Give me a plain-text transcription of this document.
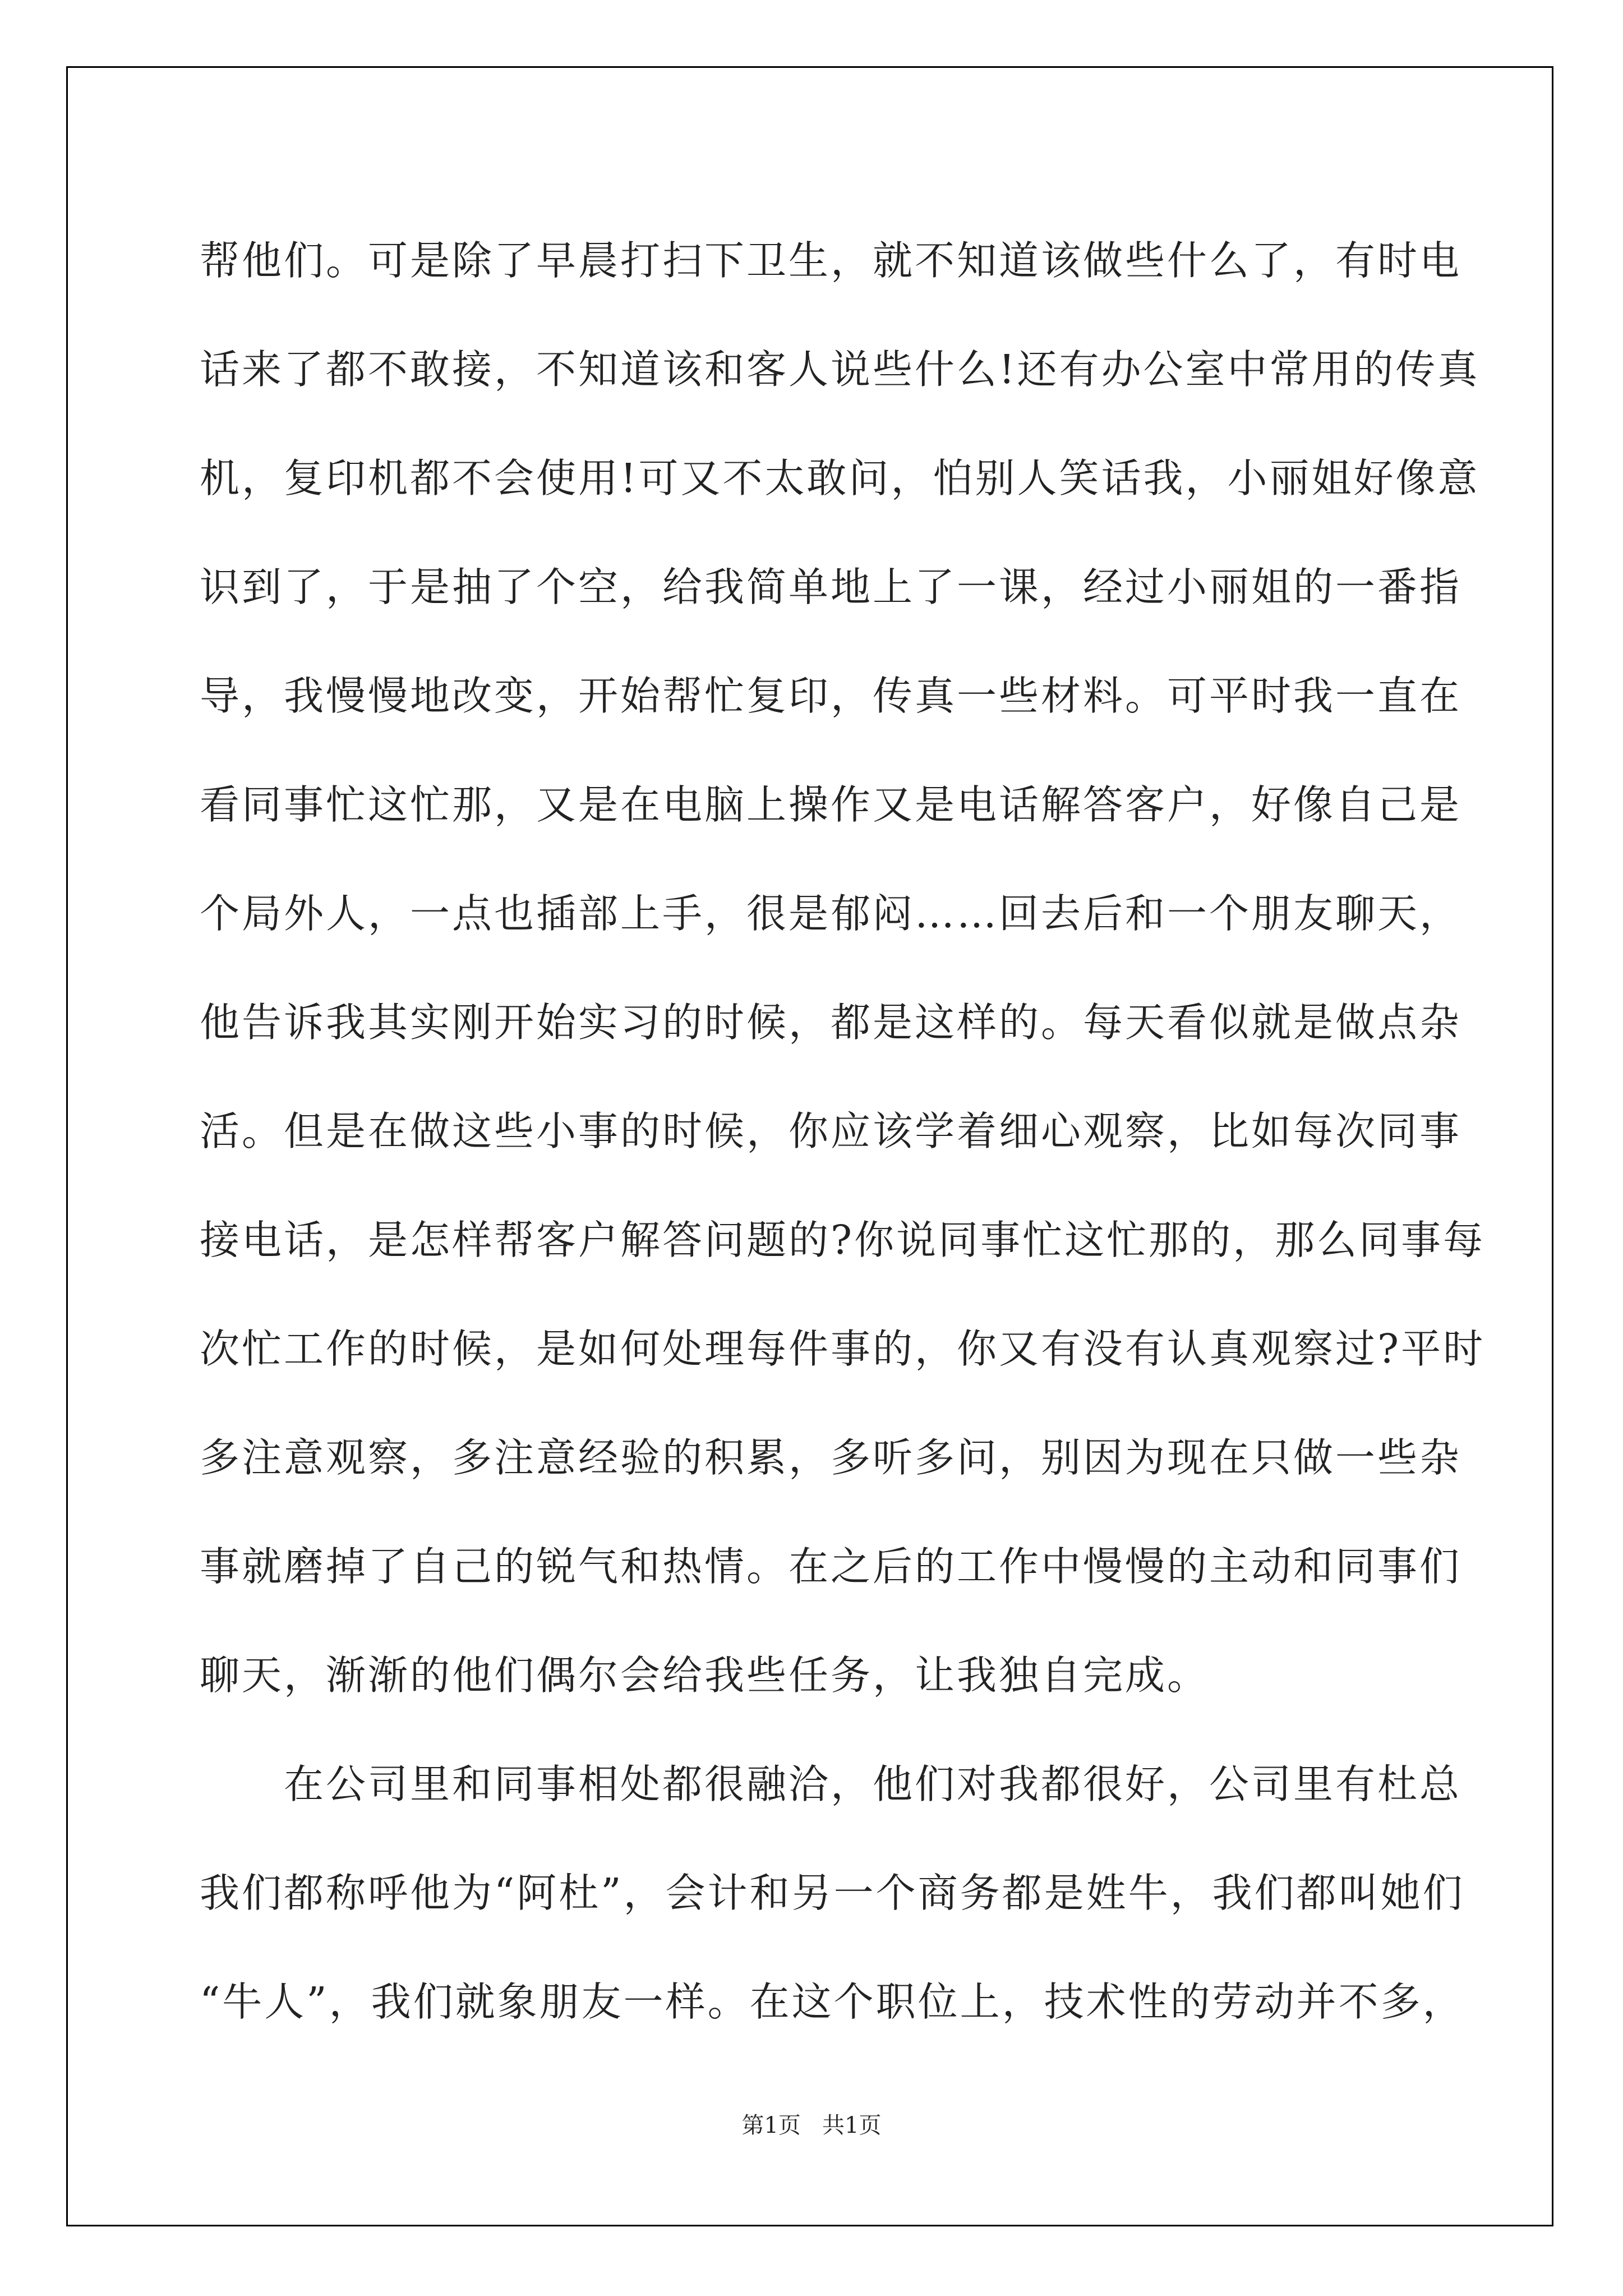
帮他们。可是除了早晨打扫下卫生，就不知道该做些什么了，有时电
话来了都不敢接，不知道该和客人说些什么!还有办公室中常用的传真
机，复印机都不会使用!可又不太敢问，怕别人笑话我，小丽姐好像意
识到了，于是抽了个空，给我简单地上了一课，经过小丽姐的一番指
导，我慢慢地改变，开始帮忙复印，传真一些材料。可平时我一直在
看同事忙这忙那，又是在电脑上操作又是电话解答客户，好像自己是
个局外人，一点也插部上手，很是郁闷……回去后和一个朋友聊天，
他告诉我其实刚开始实习的时候，都是这样的。每天看似就是做点杂
活。但是在做这些小事的时候，你应该学着细心观察，比如每次同事
接电话，是怎样帮客户解答问题的?你说同事忙这忙那的，那么同事每
次忙工作的时候，是如何处理每件事的，你又有没有认真观察过?平时
多注意观察，多注意经验的积累，多听多问，别因为现在只做一些杂
事就磨掉了自己的锐气和热情。在之后的工作中慢慢的主动和同事们
聊天，渐渐的他们偶尔会给我些任务，让我独自完成。
在公司里和同事相处都很融洽，他们对我都很好，公司里有杜总
我们都称呼他为“阿杜”，会计和另一个商务都是姓牛，我们都叫她们
“牛人”，我们就象朋友一样。在这个职位上，技术性的劳动并不多，
第1页   共1页
